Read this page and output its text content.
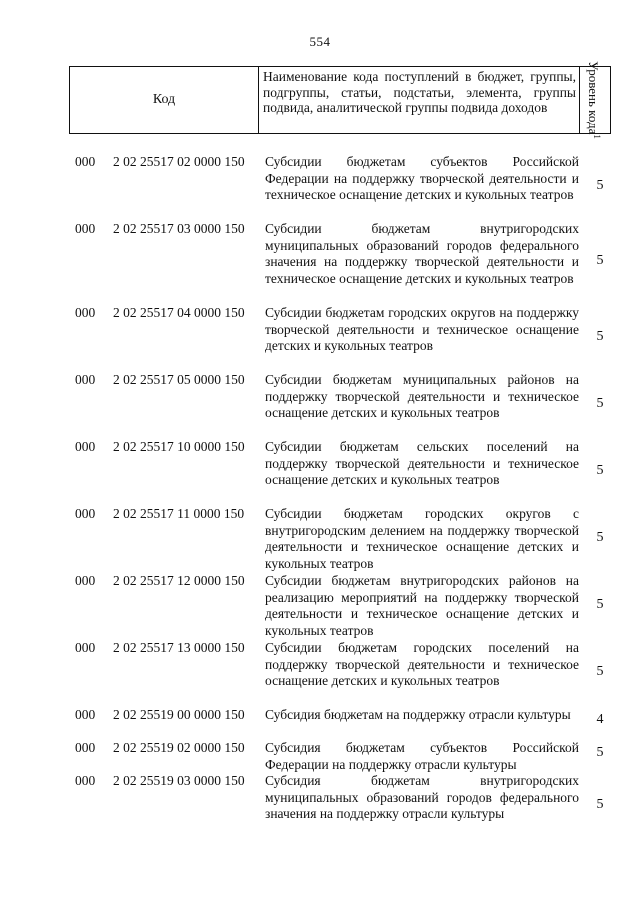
554
Код
Наименование кода поступлений в бюджет, группы, подгруппы, статьи, подстатьи, элемента, группы подвида, аналитической группы подвида доходов	Уровень кода$^1$
000 2 02 25517 02 0000 150 Субсидии бюджетам субъектов Российской Федерации на поддержку творческой деятельности и техническое оснащение детских и кукольных театров
5
000 2 02 25517 03 0000 150 Субсидии бюджетам внутригородских муниципальных образований городов федерального значения на поддержку творческой деятельности и техническое оснащение детских и кукольных театров
5
000 2 02 25517 04 0000 150 Субсидии бюджетам городских округов на поддержку творческой деятельности и техническое оснащение детских и кукольных театров
5
000 2 02 25517 05 0000 150 Субсидии бюджетам муниципальных районов на поддержку творческой деятельности и техническое оснащение детских и кукольных театров
5
000 2 02 25517 10 0000 150 Субсидии бюджетам сельских поселений на поддержку творческой деятельности и техническое оснащение детских и кукольных театров
5
000 2 02 25517 11 0000 150 Субсидии бюджетам городских округов с внутригородским делением на поддержку творческой деятельности и техническое оснащение детских и кукольных театров
5
000 2 02 25517 12 0000 150 Субсидии бюджетам внутригородских районов на реализацию мероприятий на поддержку творческой деятельности и техническое оснащение детских и кукольных театров
5
000 2 02 25517 13 0000 150 Субсидии бюджетам городских поселений на поддержку творческой деятельности и техническое оснащение детских и кукольных театров
5
000 2 02 25519 00 0000 150 Субсидия бюджетам на поддержку отрасли культуры	4
000 2 02 25519 02 0000 150 Субсидия бюджетам субъектов Российской Федерации на поддержку отрасли культуры
5
000 2 02 25519 03 0000 150 Субсидия бюджетам внутригородских муниципальных образований городов федерального значения на поддержку отрасли культуры
5
